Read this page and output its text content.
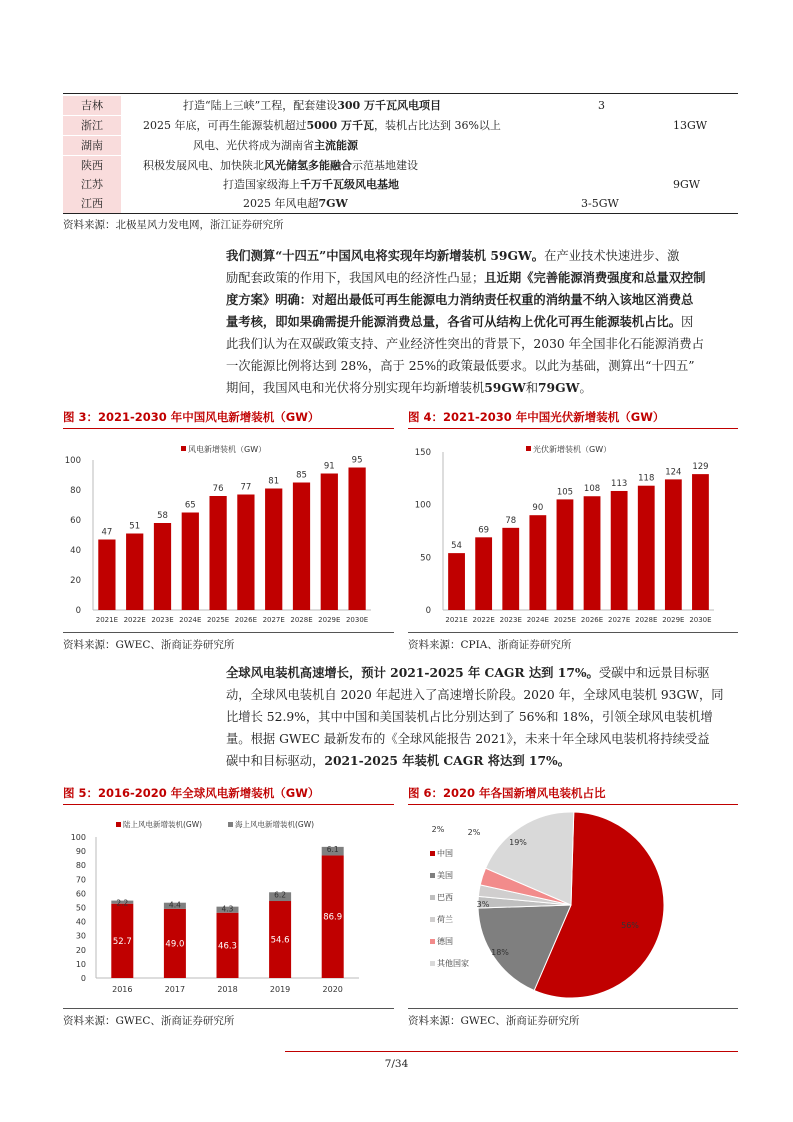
吉林	打造“陆上三峡”工程，配套建设300 万千瓦风电项目	3
浙江	2025 年底，可再生能源装机超过5000 万千瓦，装机占比达到 36%以上	13GW
湖南	风电、光伏将成为湖南省主流能源
陕西	积极发展风电、加快陕北风光储氢多能融合示范基地建设
江苏	打造国家级海上千万千瓦级风电基地	9GW
江西	2025 年风电超7GW	3-5GW
资料来源：北极星风力发电网，浙江证券研究所
我们测算“十四五”中国风电将实现年均新增装机 59GW。在产业技术快速进步、激
励配套政策的作用下，我国风电的经济性凸显；且近期《完善能源消费强度和总量双控制
度方案》明确：对超出最低可再生能源电力消纳责任权重的消纳量不纳入该地区消费总
量考核，即如果确需提升能源消费总量，各省可从结构上优化可再生能源装机占比。因
此我们认为在双碳政策支持、产业经济性突出的背景下，2030 年全国非化石能源消费占
一次能源比例将达到 28%，高于 25%的政策最低要求。以此为基础，测算出“十四五”
期间，我国风电和光伏将分别实现年均新增装机59GW和79GW。
图 3：2021-2030 年中国风电新增装机（GW）
0
20
40
60
80
100
47
2021E
51
2022E
58
2023E
65
2024E
76
2025E
77
2026E
81
2027E
85
2028E
91
2029E
95
2030E
风电新增装机（GW）
资料来源：GWEC、浙商证券研究所
图 4：2021-2030 年中国光伏新增装机（GW）
0
50
100
150
54
2021E
69
2022E
78
2023E
90
2024E
105
2025E
108
2026E
113
2027E
118
2028E
124
2029E
129
2030E
光伏新增装机（GW）
资料来源：CPIA、浙商证券研究所
全球风电装机高速增长，预计 2021-2025 年 CAGR 达到 17%。受碳中和远景目标驱
动，全球风电装机自 2020 年起进入了高速增长阶段。2020 年，全球风电装机 93GW，同
比增长 52.9%，其中中国和美国装机占比分别达到了 56%和 18%，引领全球风电装机增
量。根据 GWEC 最新发布的《全球风能报告 2021》，未来十年全球风电装机将持续受益
碳中和目标驱动，2021-2025 年装机 CAGR 将达到 17%。
图 5：2016-2020 年全球风电新增装机（GW）
0
10
20
30
40
50
60
70
80
90
100
52.7
2.2
2016
49.0
4.4
2017
46.3
4.3
2018
54.6
6.2
2019
86.9
6.1
2020
陆上风电新增装机(GW)	海上风电新增装机(GW)
资料来源：GWEC、浙商证券研究所
图 6：2020 年各国新增风电装机占比
56%
18%
2%	2%
3%
19%
中国
美国
巴西
荷兰
德国
其他国家
资料来源：GWEC、浙商证券研究所
7/34
